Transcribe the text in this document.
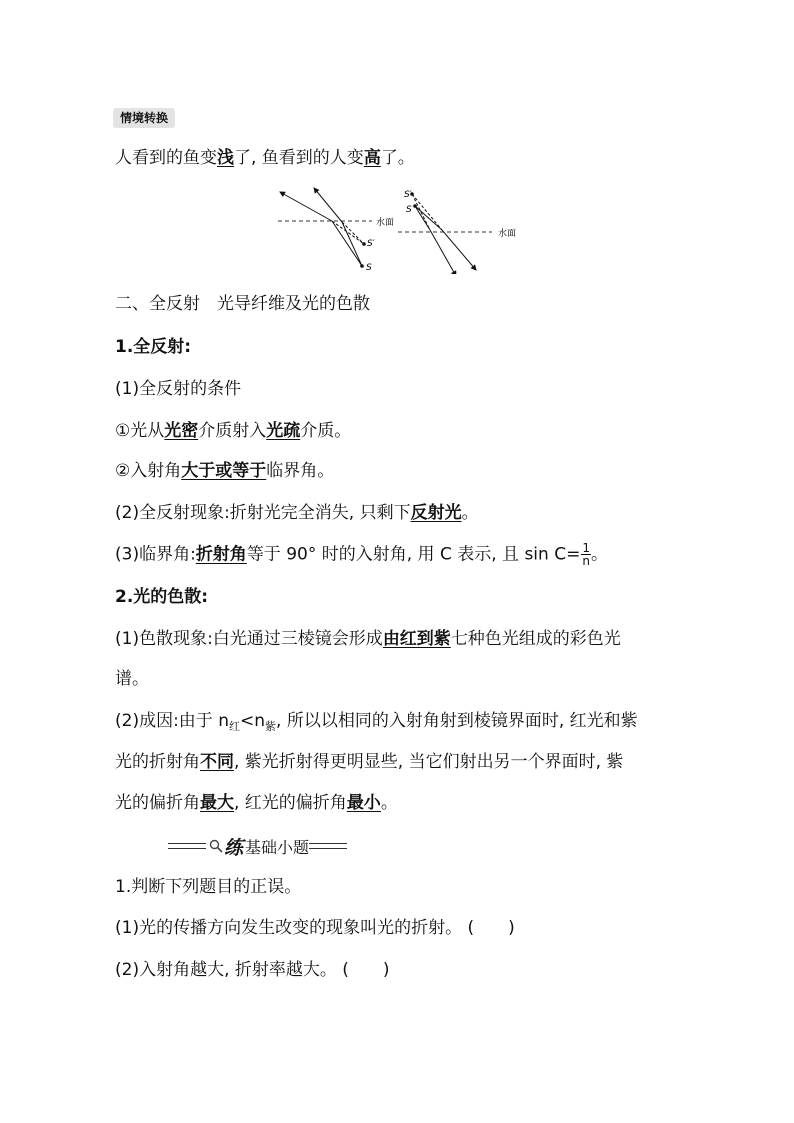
情境转换
人看到的鱼变浅了, 鱼看到的人变高了。
S
S′
水面
S′
S
水面
二、全反射　光导纤维及光的色散
1.全反射:
(1)全反射的条件
①光从光密介质射入光疏介质。
②入射角大于或等于临界角。
(2)全反射现象:折射光完全消失, 只剩下反射光。
(3)临界角:折射角等于 90° 时的入射角, 用 C 表示, 且 $\sin C= \frac{1}{n}$ 。
2.光的色散:
(1)色散现象:白光通过三棱镜会形成由红到紫七种色光组成的彩色光
谱。
(2)成因:由于 $n_红<n_紫$, 所以以相同的入射角射到棱镜界面时, 红光和紫
光的折射角不同, 紫光折射得更明显些, 当它们射出另一个界面时, 紫
光的偏折角最大, 红光的偏折角最小。
练 基础小题
1.判断下列题目的正误。
(1)光的传播方向发生改变的现象叫光的折射。 (　　)
(2)入射角越大, 折射率越大。 (　　)
